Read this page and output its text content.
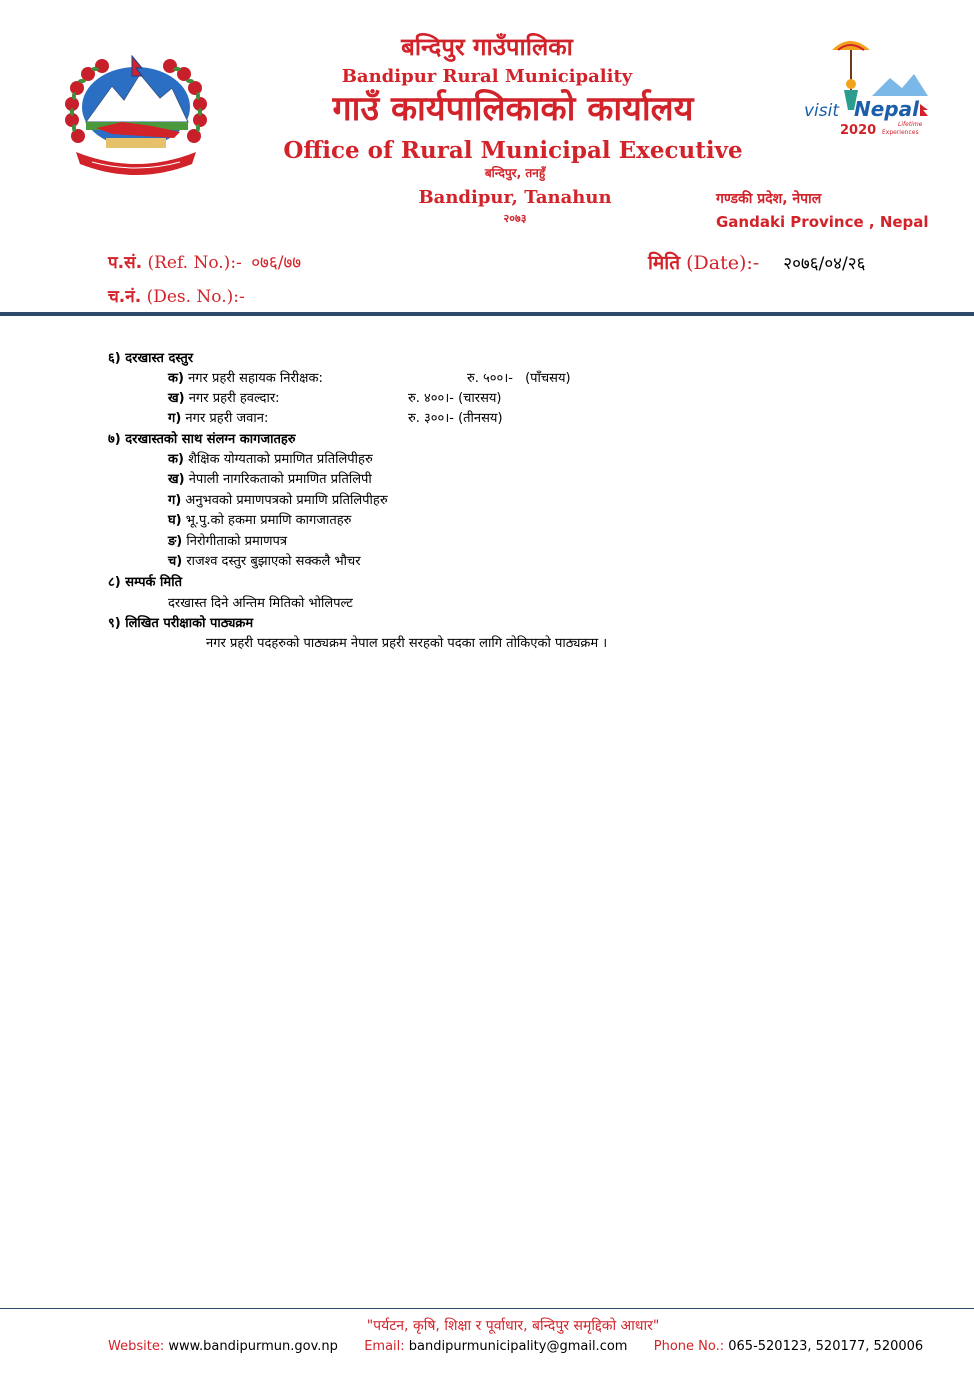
बन्दिपुर गाउँपालिका
Bandipur Rural Municipality
गाउँ कार्यपालिकाको कार्यालय
Office of Rural Municipal Executive
बन्दिपुर, तनहुँ
Bandipur, Tanahun
२०७३
गण्डकी प्रदेश, नेपाल
Gandaki Province , Nepal
visit Nepal
2020	Lifetime
Experiences
प.सं. (Ref. No.):- ०७६/७७
च.नं. (Des. No.):-
मिति (Date):- २०७६/०४/२६
६) दरखास्त दस्तुर
क) नगर प्रहरी सहायक निरीक्षक:	रु. ५००।- (पाँचसय)
ख) नगर प्रहरी हवल्दार:	रु. ४००।- (चारसय)
ग) नगर प्रहरी जवान:	रु. ३००।- (तीनसय)
७) दरखास्तको साथ संलग्न कागजातहरु
क) शैक्षिक योग्यताको प्रमाणित प्रतिलिपीहरु
ख) नेपाली नागरिकताको प्रमाणित प्रतिलिपी
ग) अनुभवको प्रमाणपत्रको प्रमाणि प्रतिलिपीहरु
घ) भू.पु.को हकमा प्रमाणि कागजातहरु
ङ) निरोगीताको प्रमाणपत्र
च) राजश्व दस्तुर बुझाएको सक्कलै भौचर
८) सम्पर्क मिति
दरखास्त दिने अन्तिम मितिको भोलिपल्ट
९) लिखित परीक्षाको पाठ्यक्रम
नगर प्रहरी पदहरुको पाठ्यक्रम नेपाल प्रहरी सरहको पदका लागि तोकिएको पाठ्यक्रम ।
"पर्यटन, कृषि, शिक्षा र पूर्वाधार, बन्दिपुर समृद्दिको आधार"
Website: www.bandipurmun.gov.np Email: bandipurmunicipality@gmail.com Phone No.: 065-520123, 520177, 520006
